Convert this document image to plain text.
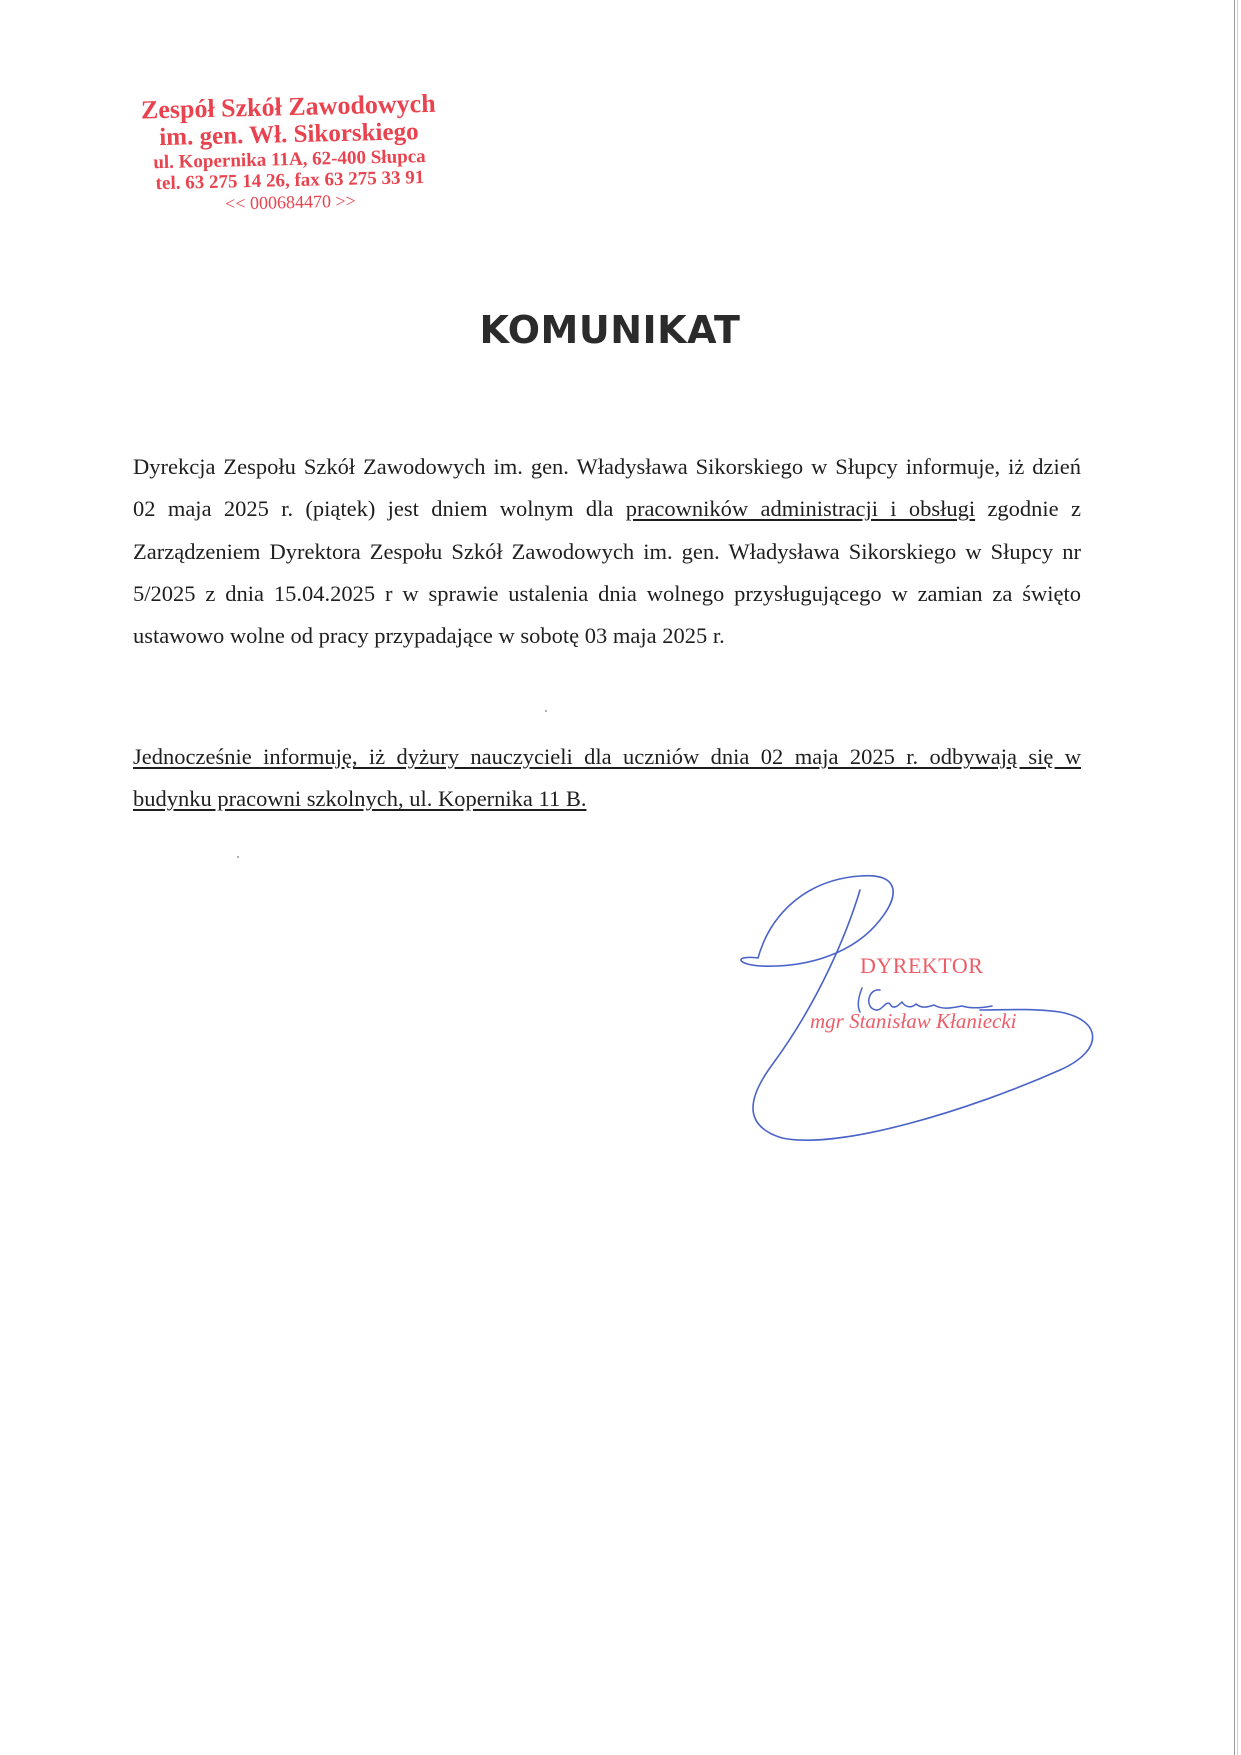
Zespół Szkół Zawodowych
im. gen. Wł. Sikorskiego
ul. Kopernika 11A, 62-400 Słupca
tel. 63 275 14 26, fax 63 275 33 91
<< 000684470 >>
KOMUNIKAT
Dyrekcja Zespołu Szkół Zawodowych im. gen. Władysława Sikorskiego w Słupcy informuje, iż dzień 02 maja 2025 r. (piątek) jest dniem wolnym dla pracowników administracji i obsługi zgodnie z Zarządzeniem Dyrektora Zespołu Szkół Zawodowych im. gen. Władysława Sikorskiego w Słupcy nr 5/2025 z dnia 15.04.2025 r w sprawie ustalenia dnia wolnego przysługującego w zamian za święto ustawowo wolne od pracy przypadające w sobotę 03 maja 2025 r.
Jednocześnie informuję, iż dyżury nauczycieli dla uczniów dnia 02 maja 2025 r. odbywają się w budynku pracowni szkolnych, ul. Kopernika 11 B.
DYREKTOR
mgr Stanisław Kłaniecki
